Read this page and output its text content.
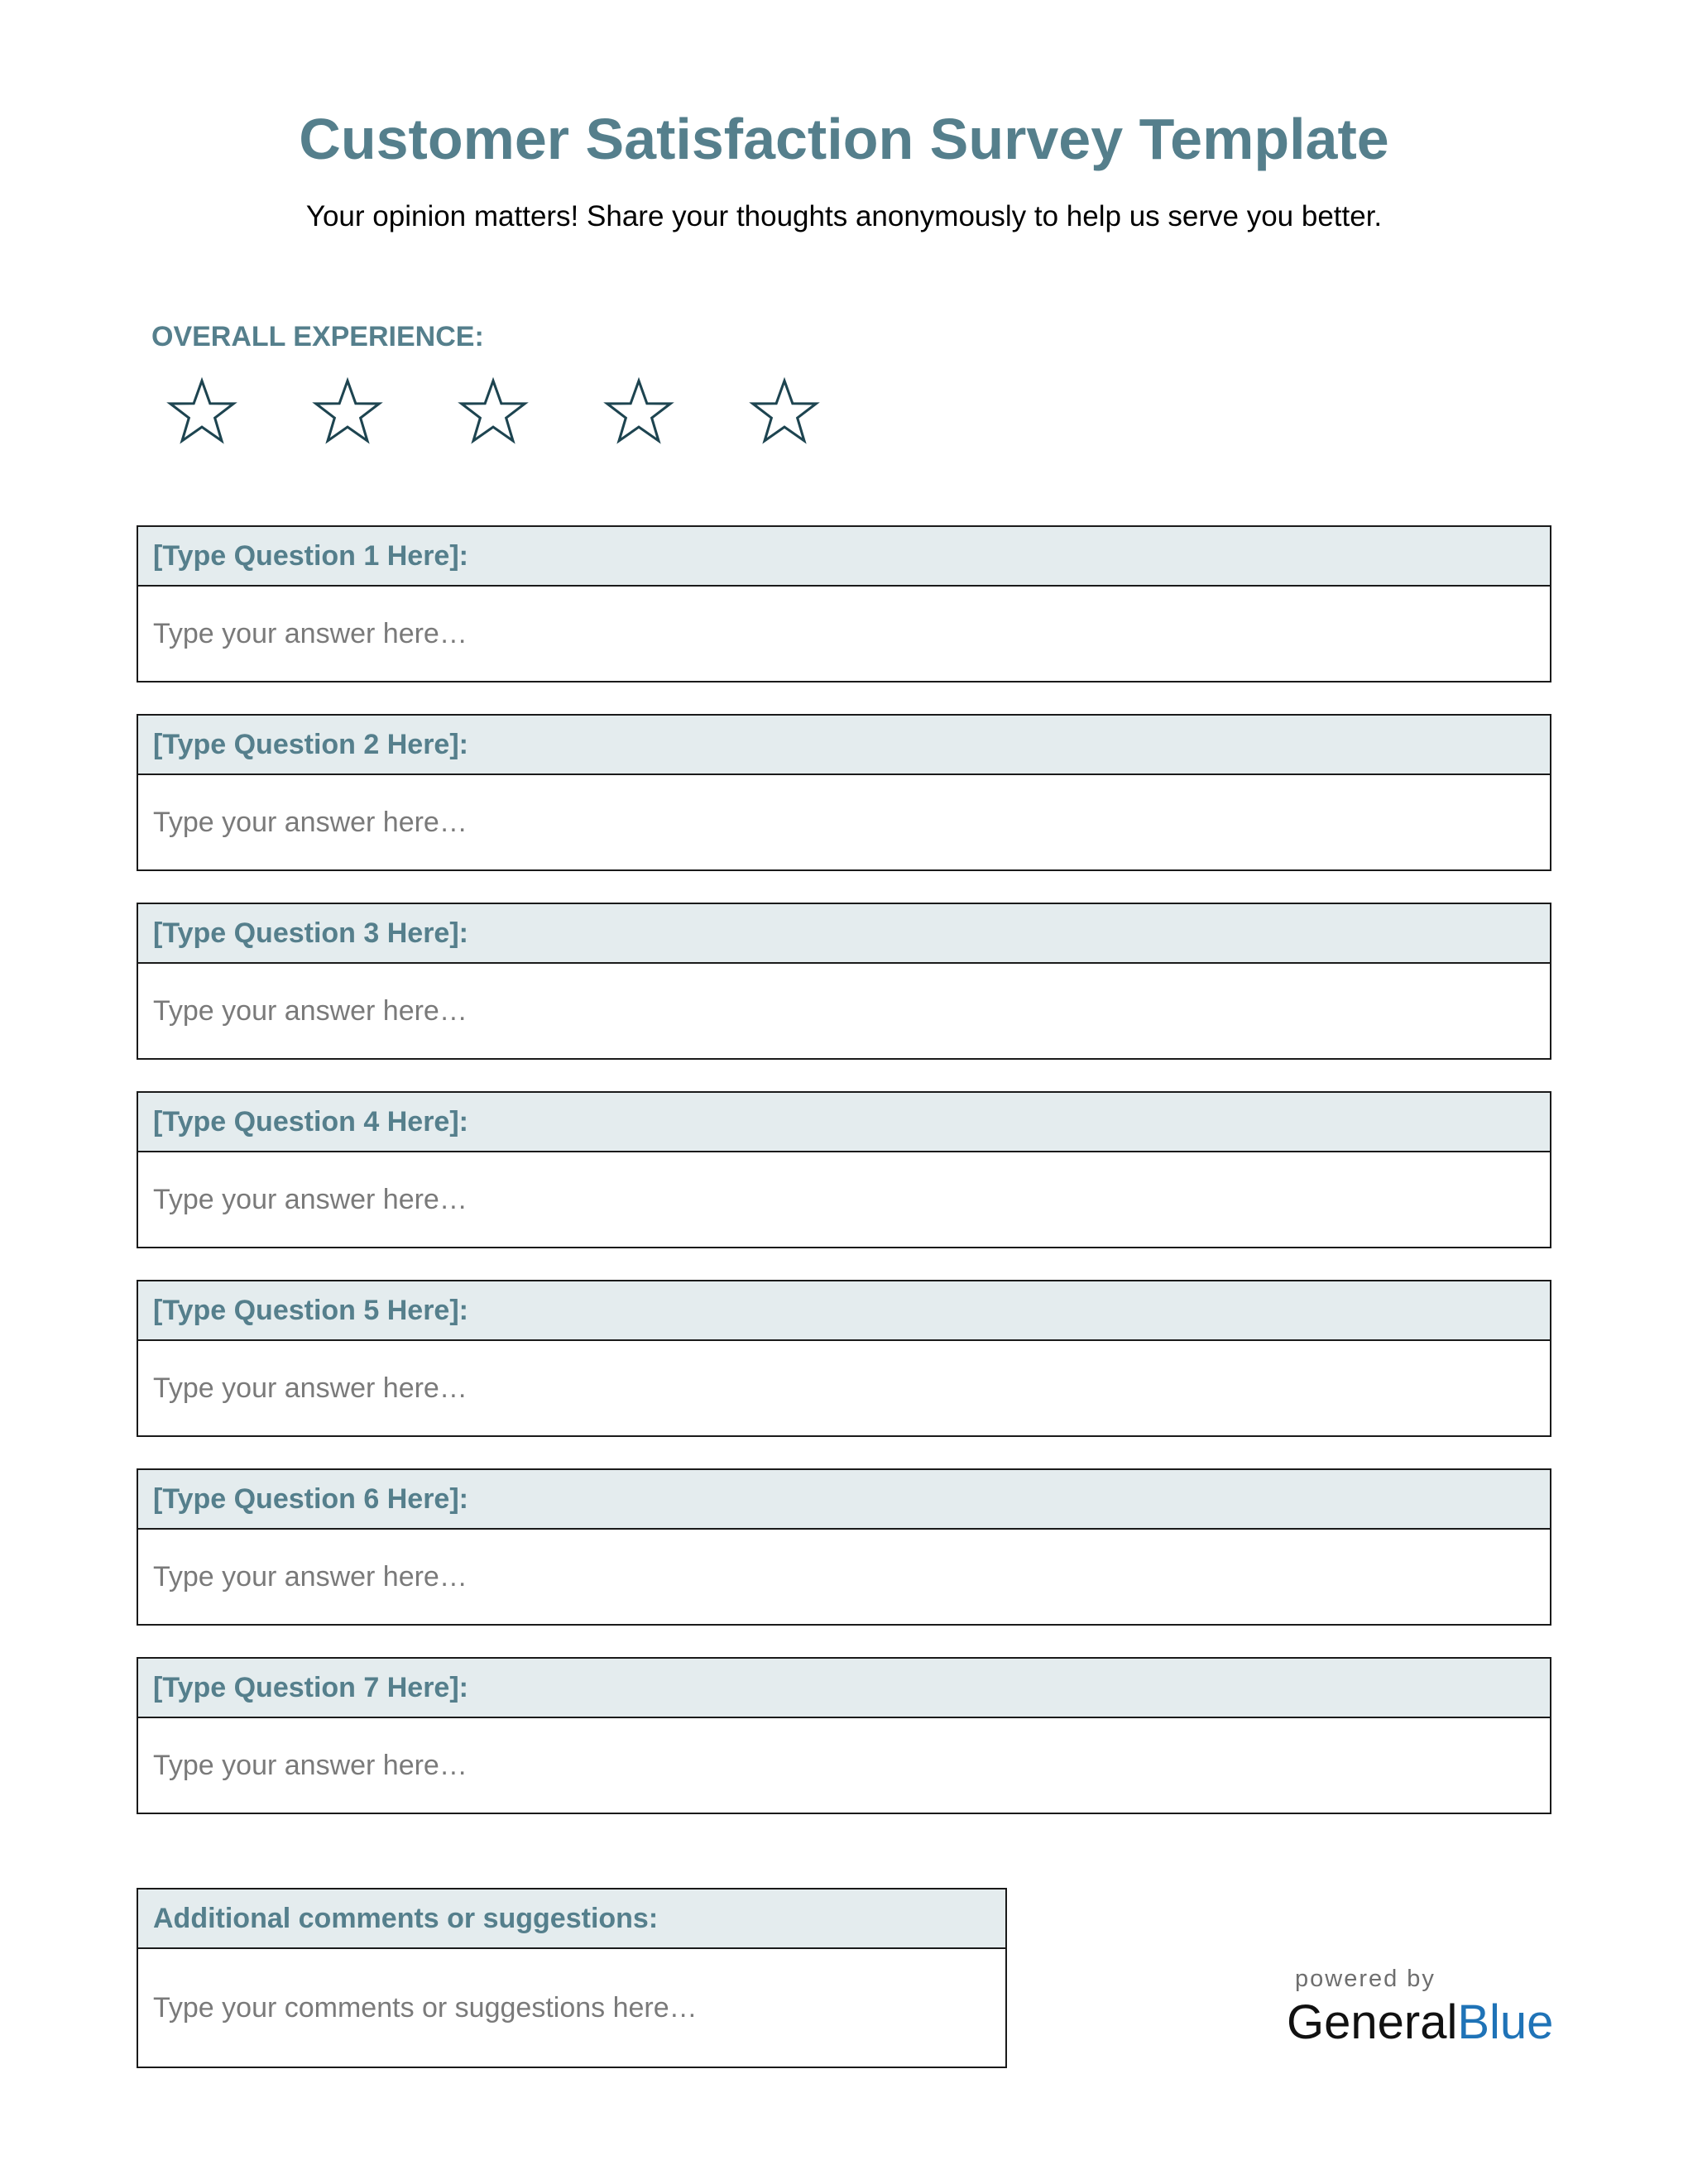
Customer Satisfaction Survey Template
Your opinion matters! Share your thoughts anonymously to help us serve you better.
OVERALL EXPERIENCE:
[Type Question 1 Here]:
Type your answer here…
[Type Question 2 Here]:
Type your answer here…
[Type Question 3 Here]:
Type your answer here…
[Type Question 4 Here]:
Type your answer here…
[Type Question 5 Here]:
Type your answer here…
[Type Question 6 Here]:
Type your answer here…
[Type Question 7 Here]:
Type your answer here…
Additional comments or suggestions:
Type your comments or suggestions here…
powered by
GeneralBlue
